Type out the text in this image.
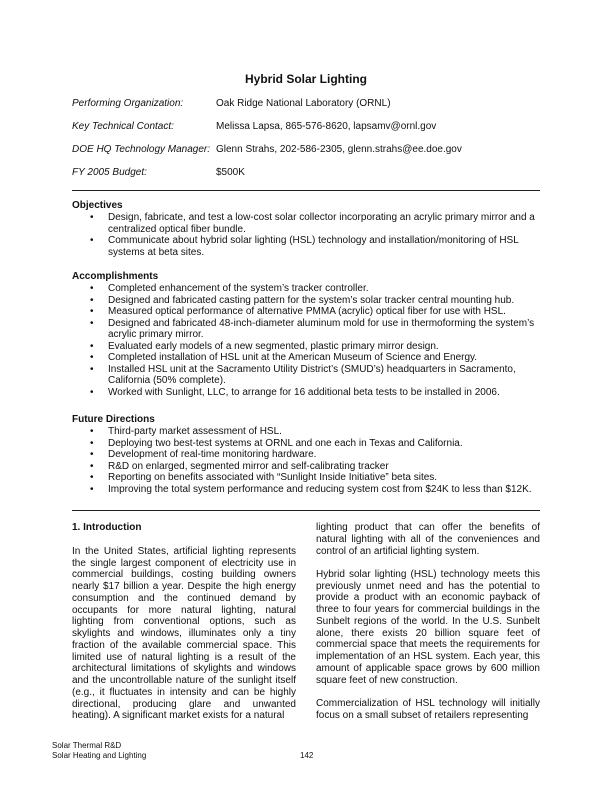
Hybrid Solar Lighting
Performing Organization:	Oak Ridge National Laboratory (ORNL)
Key Technical Contact:	Melissa Lapsa, 865-576-8620, lapsamv@ornl.gov
DOE HQ Technology Manager: Glenn Strahs, 202-586-2305, glenn.strahs@ee.doe.gov
FY 2005 Budget:	$500K
Objectives
• Design, fabricate, and test a low-cost solar collector incorporating an acrylic primary mirror and a centralized optical fiber bundle.
• Communicate about hybrid solar lighting (HSL) technology and installation/monitoring of HSL systems at beta sites.
Accomplishments
• Completed enhancement of the system’s tracker controller.
• Designed and fabricated casting pattern for the system’s solar tracker central mounting hub.
• Measured optical performance of alternative PMMA (acrylic) optical fiber for use with HSL.
• Designed and fabricated 48-inch-diameter aluminum mold for use in thermoforming the system’s acrylic primary mirror.
• Evaluated early models of a new segmented, plastic primary mirror design.
• Completed installation of HSL unit at the American Museum of Science and Energy.
• Installed HSL unit at the Sacramento Utility District’s (SMUD’s) headquarters in Sacramento, California (50% complete).
• Worked with Sunlight, LLC, to arrange for 16 additional beta tests to be installed in 2006.
Future Directions
• Third-party market assessment of HSL.
• Deploying two best-test systems at ORNL and one each in Texas and California.
• Development of real-time monitoring hardware.
• R&D on enlarged, segmented mirror and self-calibrating tracker
• Reporting on benefits associated with “Sunlight Inside Initiative” beta sites.
• Improving the total system performance and reducing system cost from $24K to less than $12K.
1. Introduction

In the United States, artificial lighting represents the single largest component of electricity use in commercial buildings, costing building owners nearly $17 billion a year. Despite the high energy consumption and the continued demand by occupants for more natural lighting, natural lighting from conventional options, such as skylights and windows, illuminates only a tiny fraction of the available commercial space. This limited use of natural lighting is a result of the architectural limitations of skylights and windows and the uncontrollable nature of the sunlight itself (e.g., it fluctuates in intensity and can be highly directional, producing glare and unwanted heating). A significant market exists for a natural

lighting product that can offer the benefits of natural lighting with all of the conveniences and control of an artificial lighting system.

Hybrid solar lighting (HSL) technology meets this previously unmet need and has the potential to provide a product with an economic payback of three to four years for commercial buildings in the Sunbelt regions of the world. In the U.S. Sunbelt alone, there exists 20 billion square feet of commercial space that meets the requirements for implementation of an HSL system. Each year, this amount of applicable space grows by 600 million square feet of new construction.

Commercialization of HSL technology will initially focus on a small subset of retailers representing

Solar Thermal R&D
Solar Heating and Lighting	142
